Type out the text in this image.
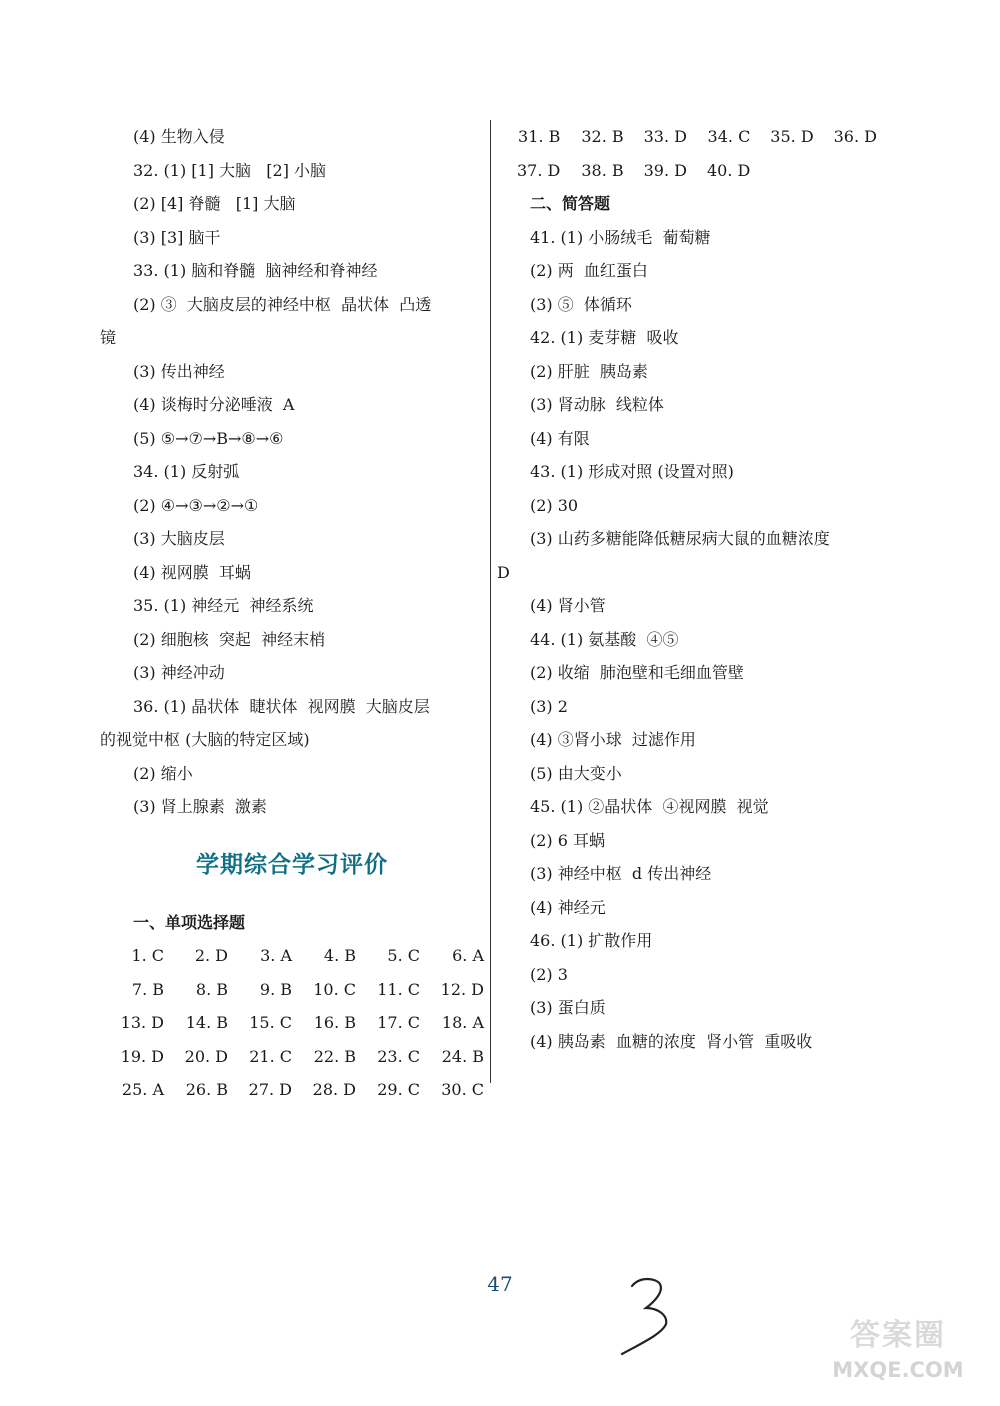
(4) 生物入侵
32. (1) [1] 大脑   [2] 小脑
(2) [4] 脊髓   [1] 大脑
(3) [3] 脑干
33. (1) 脑和脊髓  脑神经和脊神经
(2) ③  大脑皮层的神经中枢  晶状体  凸透
镜
(3) 传出神经
(4) 谈梅时分泌唾液  A
(5) ⑤→⑦→B→⑧→⑥
34. (1) 反射弧
(2) ④→③→②→①
(3) 大脑皮层
(4) 视网膜  耳蜗
35. (1) 神经元  神经系统
(2) 细胞核  突起  神经末梢
(3) 神经冲动
36. (1) 晶状体  睫状体  视网膜  大脑皮层
的视觉中枢 (大脑的特定区域)
(2) 缩小
(3) 肾上腺素  激素
学期综合学习评价
一、单项选择题
1. C	2. D	3. A	4. B	5. C	6. A
7. B	8. B	9. B	10. C	11. C	12. D
13. D	14. B	15. C	16. B	17. C	18. A
19. D	20. D	21. C	22. B	23. C	24. B
25. A	26. B	27. D	28. D	29. C	30. C
31. B	32. B	33. D	34. C	35. D	36. D
37. D	38. B	39. D	40. D
二、简答题
41. (1) 小肠绒毛  葡萄糖
(2) 两  血红蛋白
(3) ⑤  体循环
42. (1) 麦芽糖  吸收
(2) 肝脏  胰岛素
(3) 肾动脉  线粒体
(4) 有限
43. (1) 形成对照 (设置对照)
(2) 30
(3) 山药多糖能降低糖尿病大鼠的血糖浓度
D
(4) 肾小管
44. (1) 氨基酸  ④⑤
(2) 收缩  肺泡壁和毛细血管壁
(3) 2
(4) ③肾小球  过滤作用
(5) 由大变小
45. (1) ②晶状体  ④视网膜  视觉
(2) 6 耳蜗
(3) 神经中枢  d 传出神经
(4) 神经元
46. (1) 扩散作用
(2) 3
(3) 蛋白质
(4) 胰岛素  血糖的浓度  肾小管  重吸收
47
答案圈
MXQE.COM
